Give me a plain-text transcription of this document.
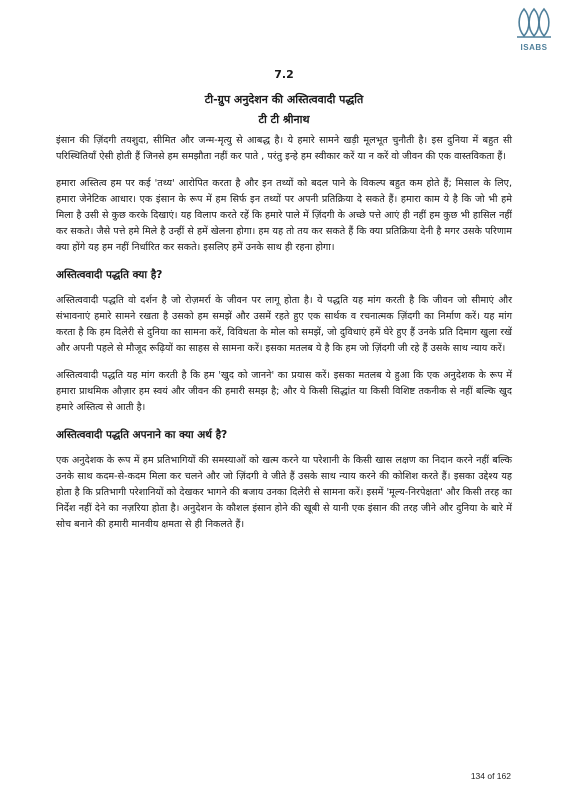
ISABS
7.2
टी-ग्रुप अनुदेशन की अस्तित्ववादी पद्धति
टी टी श्रीनाथ

इंसान की ज़िंदगी तयशुदा, सीमित और जन्म-मृत्यु से आबद्ध है। ये हमारे सामने खड़ी मूलभूत चुनौती है। इस दुनिया में बहुत सी परिस्थितियाँ ऐसी होती हैं जिनसे हम समझौता नहीं कर पाते , परंतु इन्हे हम स्वीकार करें या न करें वो जीवन की एक वास्तविकता हैं।

हमारा अस्तित्व हम पर कई 'तथ्य' आरोपित करता है और इन तथ्यों को बदल पाने के विकल्प बहुत कम होते हैं; मिसाल के लिए, हमारा जेनेटिक आधार। एक इंसान के रूप में हम सिर्फ इन तथ्यों पर अपनी प्रतिक्रिया दे सकते हैं। हमारा काम ये है कि जो भी हमे मिला है उसी से कुछ करके दिखाएं। यह विलाप करते रहें कि हमारे पाले में ज़िंदगी के अच्छे पत्ते आएं ही नहीं हम कुछ भी हासिल नहीं कर सकते। जैसे पत्ते हमे मिले है उन्हीं से हमें खेलना होगा। हम यह तो तय कर सकते हैं कि क्या प्रतिक्रिया देनी है मगर उसके परिणाम क्या होंगे यह हम नहीं निर्धारित कर सकते। इसलिए हमें उनके साथ ही रहना होगा।

अस्तित्ववादी पद्धति क्या है?

अस्तित्ववादी पद्धति वो दर्शन है जो रोज़मर्रा के जीवन पर लागू होता है। ये पद्धति यह मांग करती है कि जीवन जो सीमाएं और संभावनाएं हमारे सामने रखता है उसको हम समझें और उसमें रहते हुए एक सार्थक व रचनात्मक ज़िंदगी का निर्माण करें। यह मांग करता है कि हम दिलेरी से दुनिया का सामना करें, विविधता के मोल को समझें, जो दुविधाएं हमें घेरे हुए हैं उनके प्रति दिमाग खुला रखें और अपनी पहले से मौजूद रूढ़ियों का साहस से सामना करें। इसका मतलब ये है कि हम जो ज़िंदगी जी रहे हैं उसके साथ न्याय करें।

अस्तित्ववादी पद्धति यह मांग करती है कि हम 'खुद को जानने' का प्रयास करें। इसका मतलब ये हुआ कि एक अनुदेशक के रूप में हमारा प्राथमिक औज़ार हम स्वयं और जीवन की हमारी समझ है; और ये किसी सिद्धांत या किसी विशिष्ट तकनीक से नहीं बल्कि खुद हमारे अस्तित्व से आती है।

अस्तित्ववादी पद्धति अपनाने का क्या अर्थ है?

एक अनुदेशक के रूप में हम प्रतिभागियों की समस्याओं को खत्म करने या परेशानी के किसी खास लक्षण का निदान करने नहीं बल्कि उनके साथ कदम-से-कदम मिला कर चलने और जो ज़िंदगी वे जीते हैं उसके साथ न्याय करने की कोशिश करते हैं। इसका उद्देश्य यह होता है कि प्रतिभागी परेशानियों को देखकर भागने की बजाय उनका दिलेरी से सामना करें। इसमें 'मूल्य-निरपेक्षता' और किसी तरह का निर्देश नहीं देने का नज़रिया होता है। अनुदेशन के कौशल इंसान होने की खूबी से यानी एक इंसान की तरह जीने और दुनिया के बारे में सोच बनाने की हमारी मानवीय क्षमता से ही निकलते हैं।

134 of 162
